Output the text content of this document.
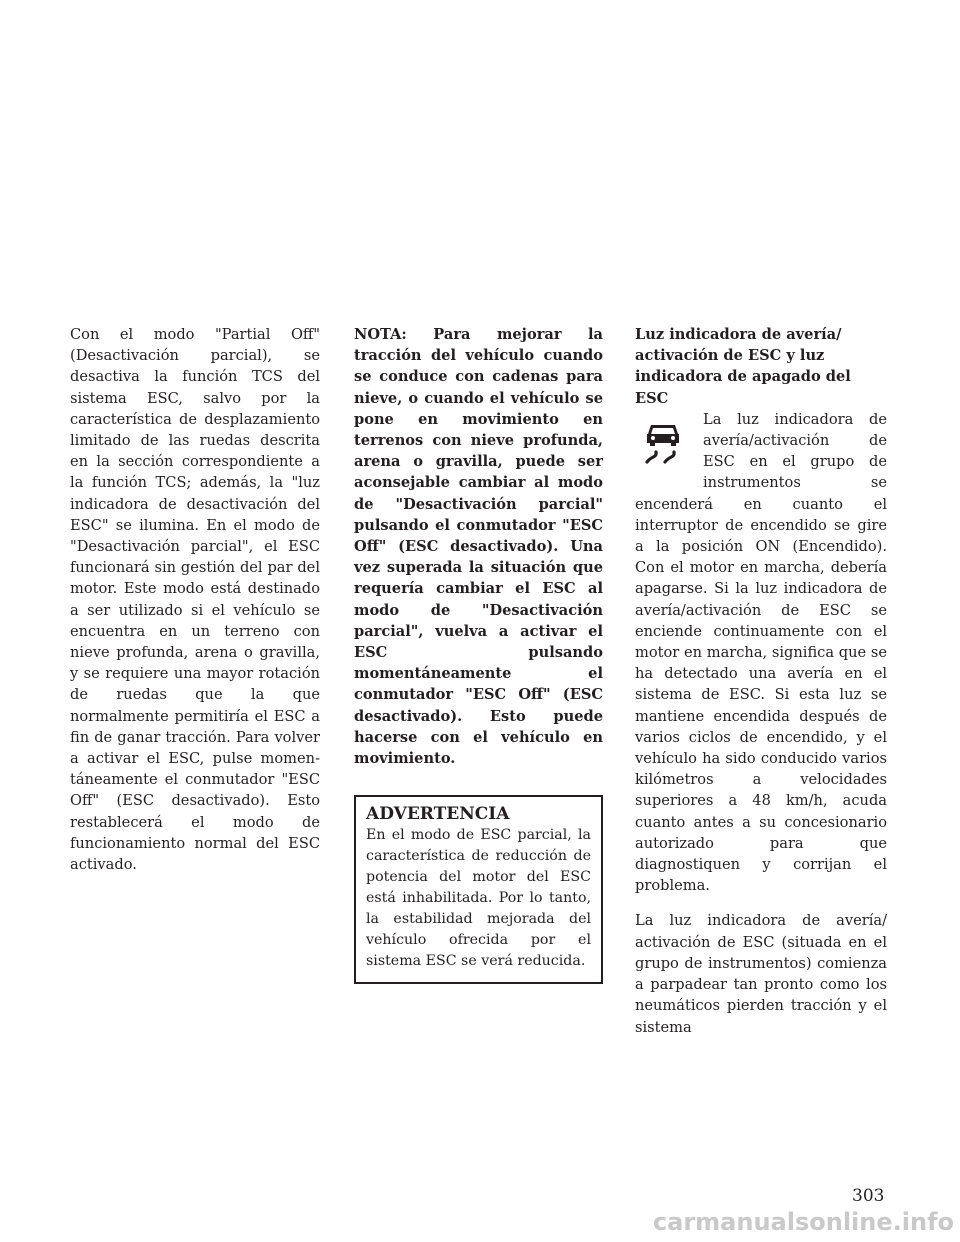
Con el modo "Partial Off" (Desactivación parcial), se desactiva la función TCS del sistema ESC, salvo por la característica de desplazamiento limitado de las ruedas descrita en la sección correspondiente a la función TCS; además, la "luz indicadora de desactivación del ESC" se ilumina. En el modo de "Desactivación parcial", el ESC funcionará sin gestión del par del motor. Este modo está destinado a ser utilizado si el vehículo se encuentra en un terreno con nieve profunda, arena o gravilla, y se requiere una mayor rotación de ruedas que la que normalmente permitiría el ESC a fin de ganar tracción. Para volver a activar el ESC, pulse momentáneamente el conmutador "ESC Off" (ESC desactivado). Esto restablecerá el modo de funcionamiento normal del ESC activado.

NOTA: Para mejorar la tracción del vehículo cuando se conduce con cadenas para nieve, o cuando el vehículo se pone en movimiento en terrenos con nieve profunda, arena o gravilla, puede ser aconsejable cambiar al modo de "Desactivación parcial" pulsando el conmutador "ESC Off" (ESC desactivado). Una vez superada la situación que requería cambiar el ESC al modo de "Desactivación parcial", vuelva a activar el ESC pulsando momentáneamente el conmutador "ESC Off" (ESC desactivado). Esto puede hacerse con el vehículo en movimiento.

ADVERTENCIA

En el modo de ESC parcial, la característica de reducción de potencia del motor del ESC está inhabilitada. Por lo tanto, la estabilidad mejorada del vehículo ofrecida por el sistema ESC se verá reducida.

Luz indicadora de avería/ activación de ESC y luz indicadora de apagado del ESC

La luz indicadora de avería/activación de ESC en el grupo de instrumentos se encenderá en cuanto el interruptor de encendido se gire a la posición ON (Encendido). Con el motor en marcha, debería apagarse. Si la luz indicadora de avería/activación de ESC se enciende continuamente con el motor en marcha, significa que se ha detectado una avería en el sistema de ESC. Si esta luz se mantiene encendida después de varios ciclos de encendido, y el vehículo ha sido conducido varios kilómetros a velocidades superiores a 48 km/h, acuda cuanto antes a su concesionario autorizado para que diagnostiquen y corrijan el problema.

La luz indicadora de avería/ activación de ESC (situada en el grupo de instrumentos) comienza a parpadear tan pronto como los neumáticos pierden tracción y el sistema

303
carmanualsonline.info
